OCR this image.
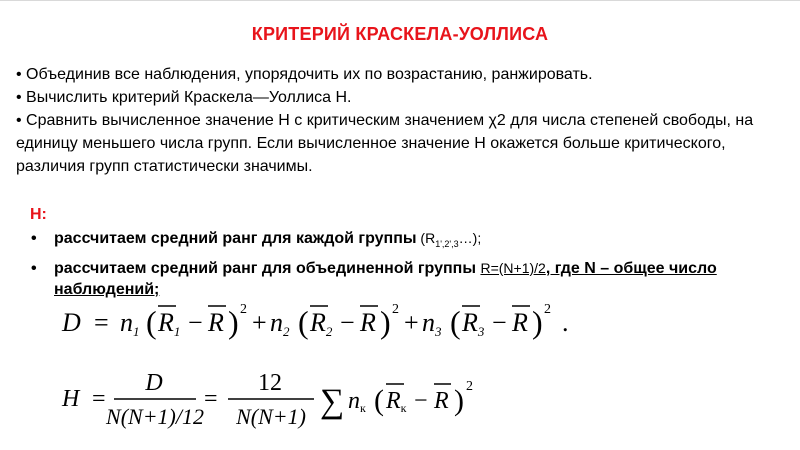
КРИТЕРИЙ КРАСКЕЛА-УОЛЛИСА

• Объединив все наблюдения, упорядочить их по возрастанию, ранжировать.

• Вычислить критерий Краскела—Уоллиса H.

• Сравнить вычисленное значение H с критическим значением χ2 для числа степеней свободы, на единицу меньшего числа групп. Если вычисленное значение H окажется больше критического, различия групп статистически значимы.

H:
• рассчитаем средний ранг для каждой группы $(R_{1',2',3}\dots)$;
• рассчитаем средний ранг для объединенной группы R=(N+1)/2, где N – общее число наблюдений;
D = n1 ( R1 − R ) 2 + n2 ( R2 − R ) 2 + n3 ( R3 − R ) 2 .
H =
D
N(N+1)/12
=
12
N(N+1) ∑ nк ( Rк − R ) 2
